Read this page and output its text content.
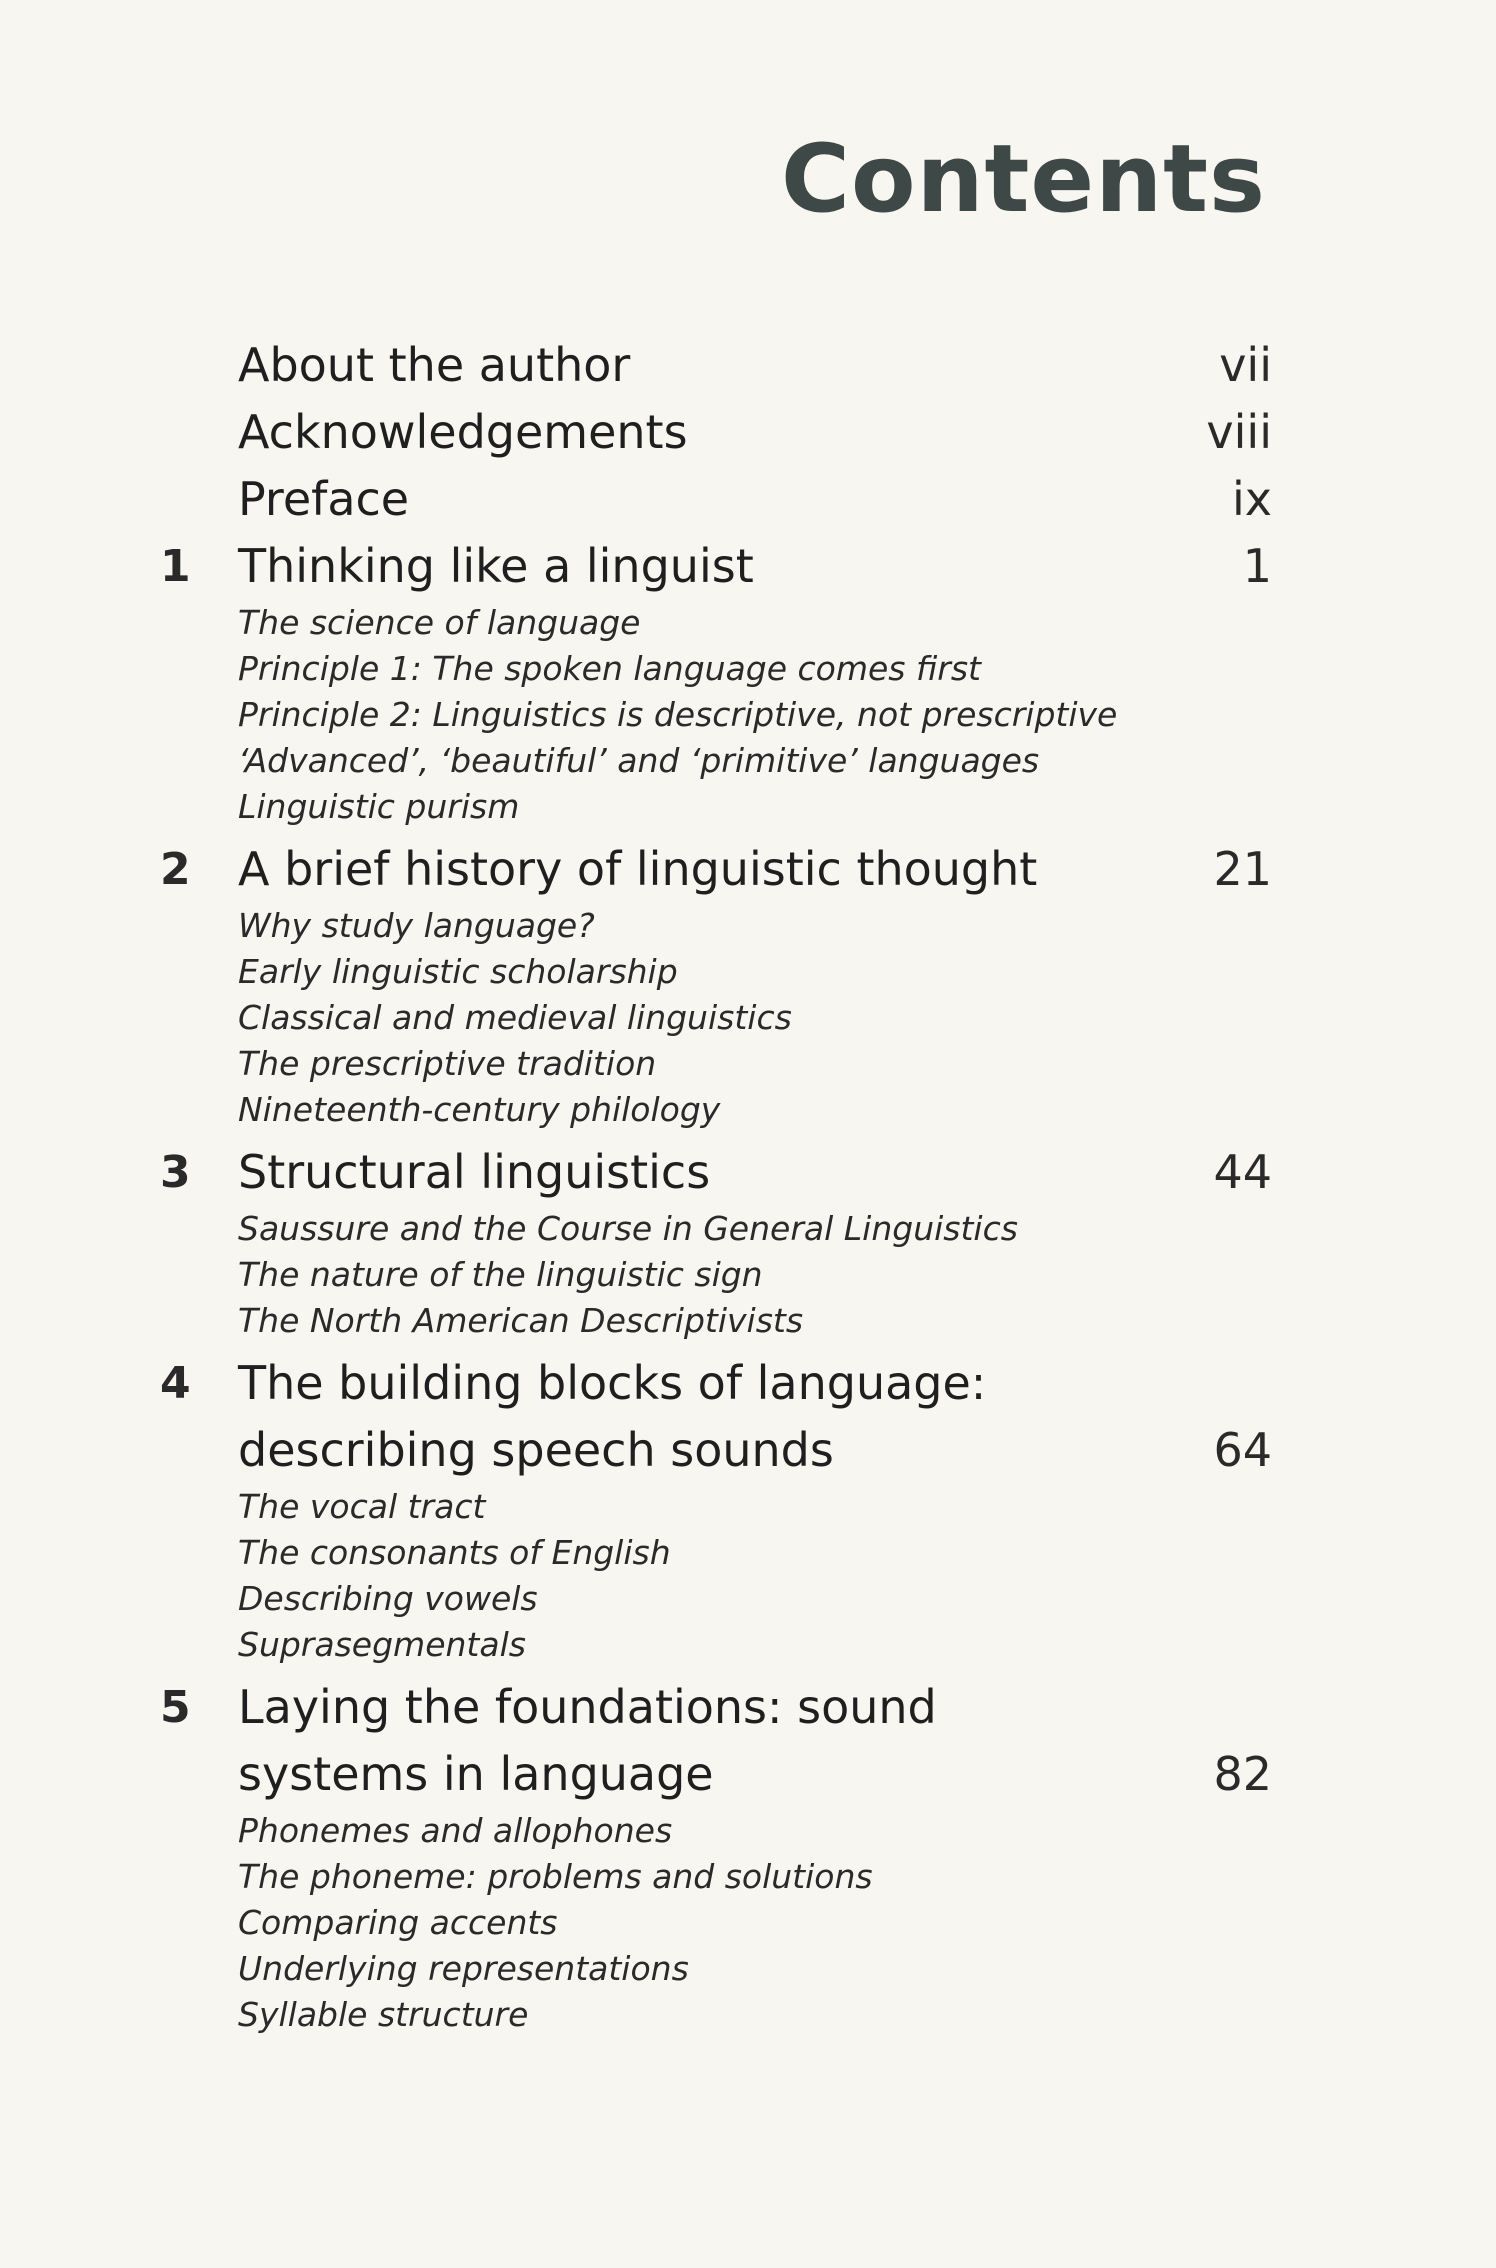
Contents
About the author	vii
Acknowledgements	viii
Preface	ix
1 Thinking like a linguist	1
The science of language
Principle 1: The spoken language comes first
Principle 2: Linguistics is descriptive, not prescriptive
‘Advanced’, ‘beautiful’ and ‘primitive’ languages
Linguistic purism
2 A brief history of linguistic thought	21
Why study language?
Early linguistic scholarship
Classical and medieval linguistics
The prescriptive tradition
Nineteenth-century philology
3 Structural linguistics	44
Saussure and the Course in General Linguistics
The nature of the linguistic sign
The North American Descriptivists
4 The building blocks of language: describing speech sounds	64
The vocal tract
The consonants of English
Describing vowels
Suprasegmentals
5 Laying the foundations: sound systems in language	82
Phonemes and allophones
The phoneme: problems and solutions
Comparing accents
Underlying representations
Syllable structure
